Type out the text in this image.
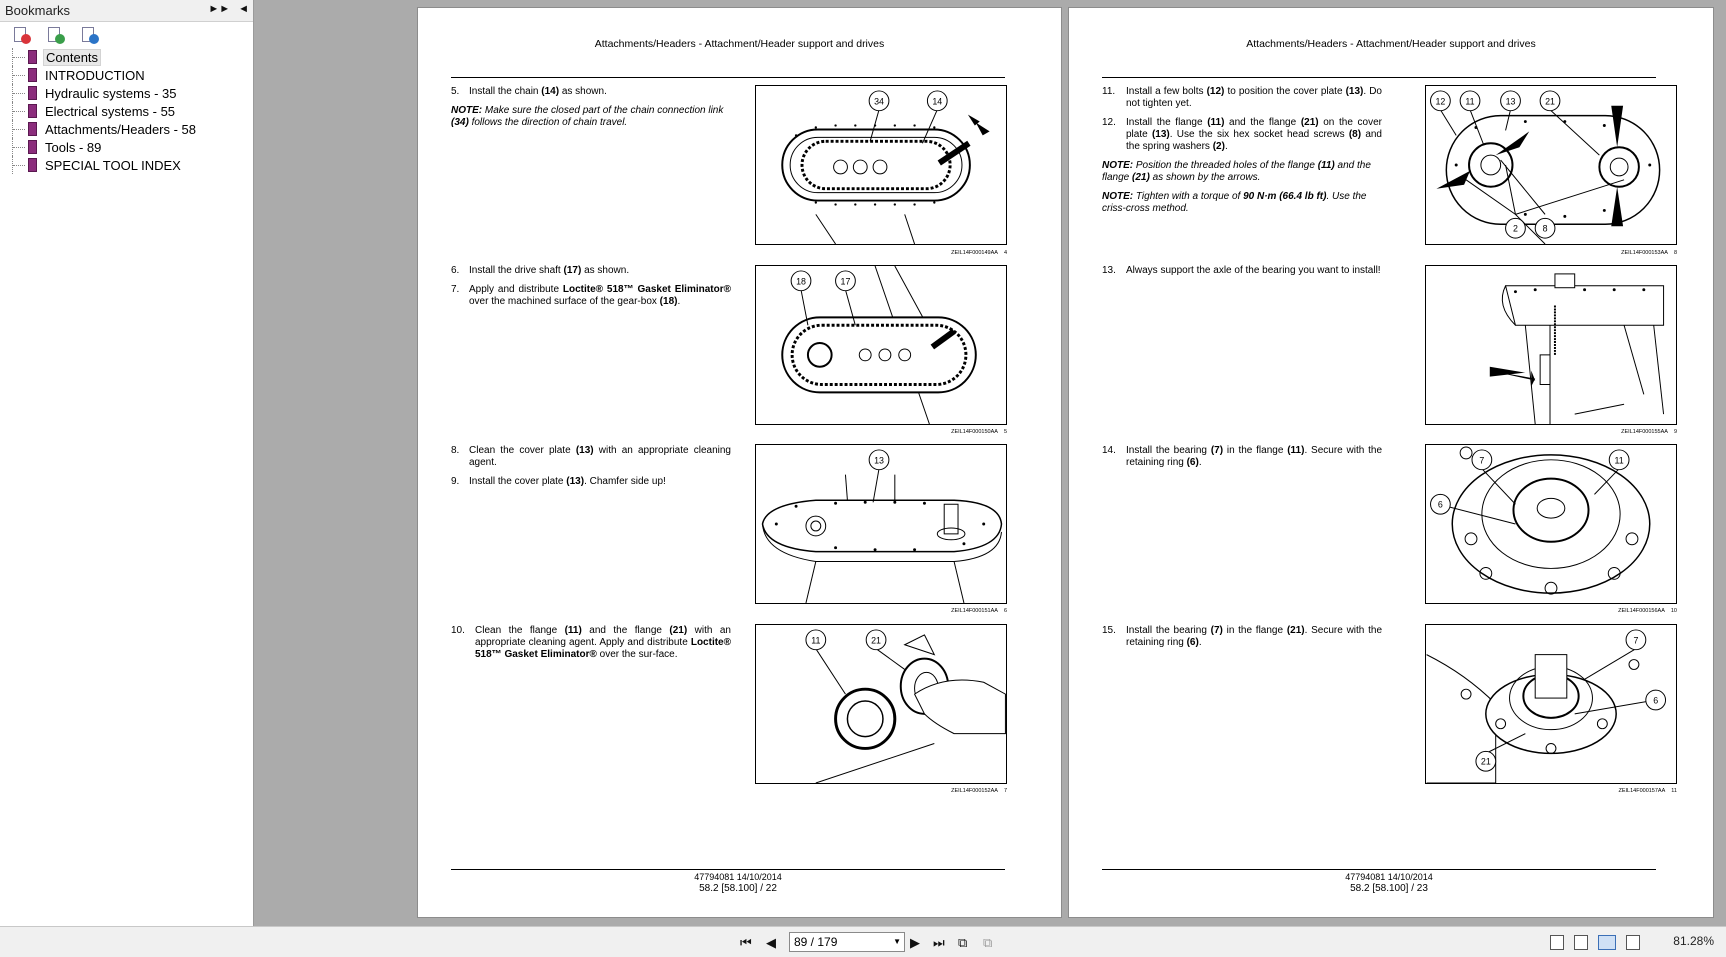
Bookmarks	►► ◄
Contents
INTRODUCTION
Hydraulic systems - 35
Electrical systems - 55
Attachments/Headers - 58
Tools - 89
SPECIAL TOOL INDEX
Attachments/Headers - Attachment/Header support and drives
5. Install the chain (14) as shown.
NOTE: Make sure the closed part of the chain connection link (34) follows the direction of chain travel.
34	14
ZEIL14F000149AA 4
6. Install the drive shaft (17) as shown.
7. Apply and distribute Loctite® 518™ Gasket Eliminator® over the machined surface of the gear-box (18).
18	17
ZEIL14F000150AA 5
8. Clean the cover plate (13) with an appropriate cleaning agent.
9. Install the cover plate (13). Chamfer side up!
13
ZEIL14F000151AA 6
10.	Clean the flange (11) and the flange (21) with an appropriate cleaning agent. Apply and distribute Loctite® 518™ Gasket Eliminator® over the sur-face.
11	21
ZEIL14F000152AA 7
47794081 14/10/2014
58.2 [58.100] / 22
Attachments/Headers - Attachment/Header support and drives
11.	Install a few bolts (12) to position the cover plate (13). Do not tighten yet.
12.	Install the flange (11) and the flange (21) on the cover plate (13). Use the six hex socket head screws (8) and the spring washers (2).
NOTE: Position the threaded holes of the flange (11) and the flange (21) as shown by the arrows.
NOTE: Tighten with a torque of 90 N·m (66.4 lb ft). Use the criss-cross method.
12 11	13	21
2	8
ZEIL14F000153AA 8
13.	Always support the axle of the bearing you want to install!
ZEIL14F000155AA 9
14.	Install the bearing (7) in the flange (11). Secure with the retaining ring (6).	7	11
6
ZEIL14F000156AA 10
15.	Install the bearing (7) in the flange (21). Secure with the retaining ring (6).	7
6
21
ZEIL14F000157AA 11
47794081 14/10/2014
58.2 [58.100] / 23
⏮ ◀	89 / 179	▼ ▶ ⏭ ⧉ ⧉	81.28%
